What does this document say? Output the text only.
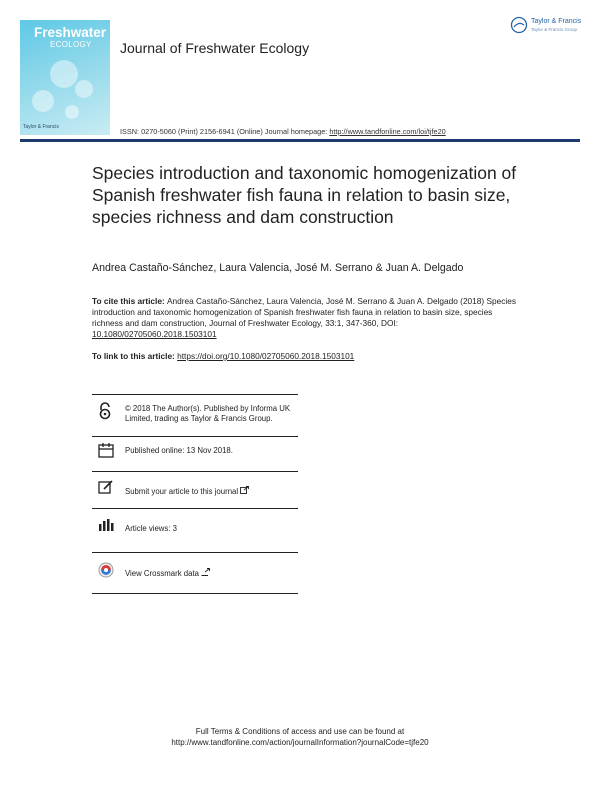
Freshwater
ECOLOGY
Taylor & Francis
Journal of Freshwater Ecology
Taylor & Francis
Taylor & Francis Group
ISSN: 0270-5060 (Print) 2156-6941 (Online) Journal homepage: http://www.tandfonline.com/loi/tjfe20
Species introduction and taxonomic homogenization of Spanish freshwater fish fauna in relation to basin size, species richness and dam construction
Andrea Castaño-Sánchez, Laura Valencia, José M. Serrano & Juan A. Delgado
To cite this article: Andrea Castaño-Sánchez, Laura Valencia, José M. Serrano & Juan A. Delgado (2018) Species introduction and taxonomic homogenization of Spanish freshwater fish fauna in relation to basin size, species richness and dam construction, Journal of Freshwater Ecology, 33:1, 347-360, DOI: 10.1080/02705060.2018.1503101
To link to this article: https://doi.org/10.1080/02705060.2018.1503101
© 2018 The Author(s). Published by Informa UK Limited, trading as Taylor & Francis Group.
Published online: 13 Nov 2018.
Submit your article to this journal
Article views: 3
View Crossmark data
Full Terms & Conditions of access and use can be found at
http://www.tandfonline.com/action/journalInformation?journalCode=tjfe20
